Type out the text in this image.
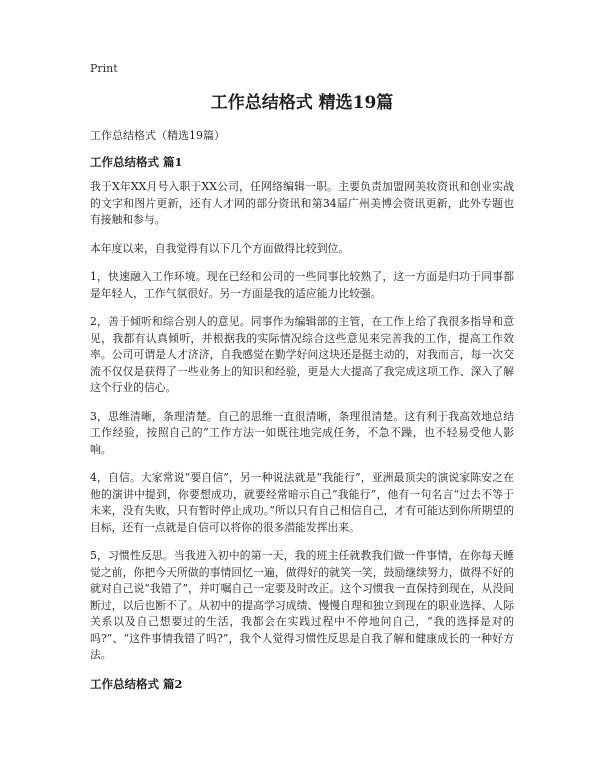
Print
工作总结格式 精选19篇
工作总结格式（精选19篇）
工作总结格式 篇1

我于X年XX月号入职于XX公司，任网络编辑一职。主要负责加盟网美妆资讯和创业实战的文字和图片更新，还有人才网的部分资讯和第34届广州美博会资讯更新，此外专题也有接触和参与。

本年度以来，自我觉得有以下几个方面做得比较到位。

1，快速融入工作环境。现在已经和公司的一些同事比较熟了，这一方面是归功于同事都是年轻人，工作气氛很好。另一方面是我的适应能力比较强。

2，善于倾听和综合别人的意见。同事作为编辑部的主管，在工作上给了我很多指导和意见，我都有认真倾听，并根据我的实际情况综合这些意见来完善我的工作，提高工作效率。公司可谓是人才济济，自我感觉在勤学好问这块还是挺主动的，对我而言，每一次交流不仅仅是获得了一些业务上的知识和经验，更是大大提高了我完成这项工作、深入了解这个行业的信心。

3，思维清晰，条理清楚。自己的思维一直很清晰，条理很清楚。这有利于我高效地总结工作经验，按照自己的“工作方法一如既往地完成任务，不急不躁，也不轻易受他人影响。

4，自信。大家常说“要自信”，另一种说法就是“我能行”，亚洲最顶尖的演说家陈安之在他的演讲中提到，你要想成功，就要经常暗示自己“我能行”，他有一句名言“过去不等于未来，没有失败，只有暂时停止成功。”所以只有自己相信自己，才有可能达到你所期望的目标，还有一点就是自信可以将你的很多潜能发挥出来。

5，习惯性反思。当我进入初中的第一天，我的班主任就教我们做一件事情，在你每天睡觉之前，你把今天所做的事情回忆一遍，做得好的就笑一笑，鼓励继续努力，做得不好的就对自己说“我错了”，并叮嘱自己一定要及时改正。这个习惯我一直保持到现在，从没间断过，以后也断不了。从初中的提高学习成绩、慢慢自理和独立到现在的职业选择、人际关系以及自己想要过的生活，我都会在实践过程中不停地问自己，“我的选择是对的吗?”、“这件事情我错了吗?”，我个人觉得习惯性反思是自我了解和健康成长的一种好方法。

工作总结格式 篇2
